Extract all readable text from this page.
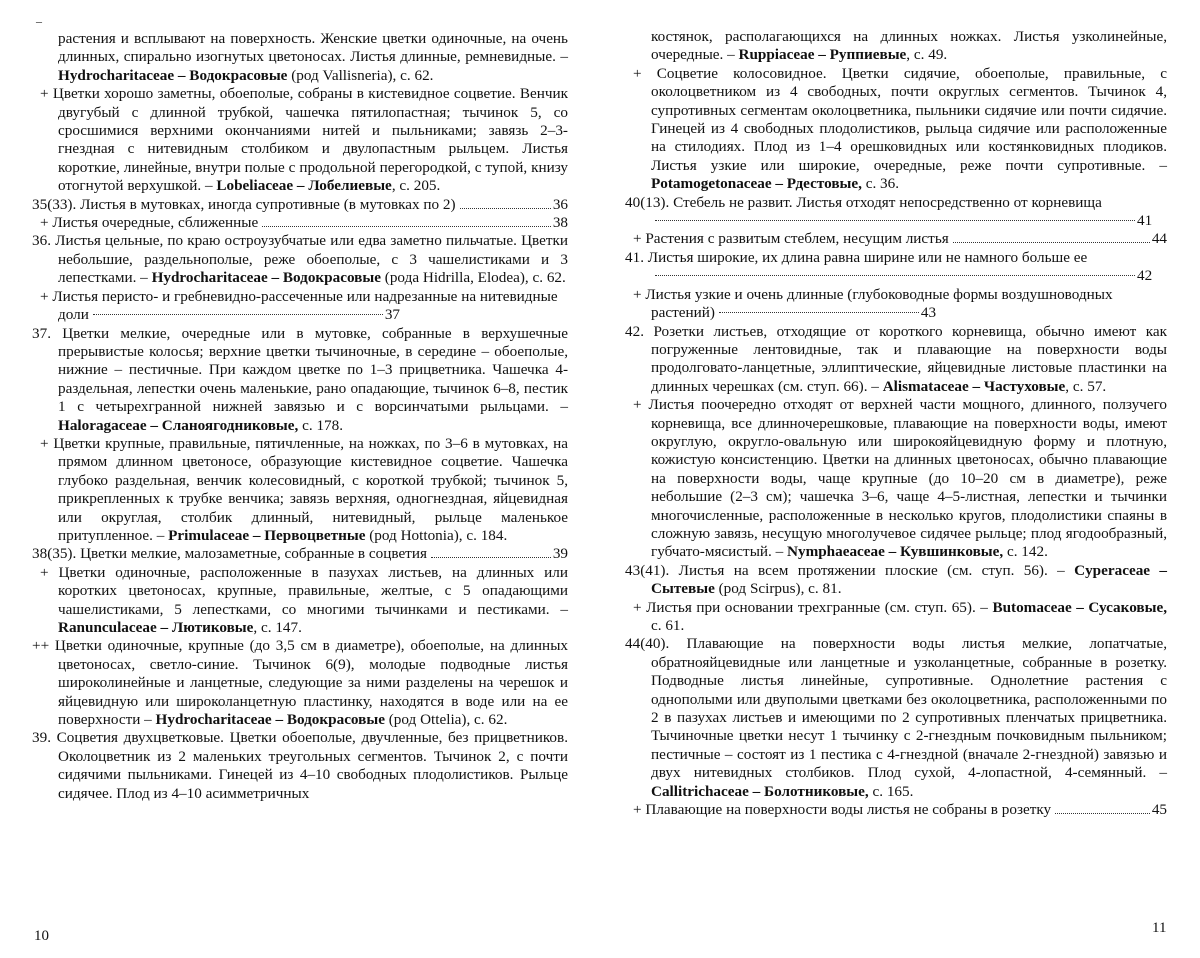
–

растения и всплывают на поверхность. Женские цветки одиночные, на очень длинных, спирально изогнутых цветоносах. Листья длинные, ремневидные. – Hydrocharitaceae – Водокрасовые (род Vallisneria), с. 62.

+ Цветки хорошо заметны, обоеполые, собраны в кистевидное соцветие. Венчик двугубый с длинной трубкой, чашечка пятилопастная; тычинок 5, со сросшимися верхними окончаниями нитей и пыльниками; завязь 2–3-гнездная с нитевидным столбиком и двулопастным рыльцем. Листья короткие, линейные, внутри полые с продольной перегородкой, с тупой, книзу отогнутой верхушкой. – Lobeliaceae – Лобелиевые, с. 205.

35(33). Листья в мутовках, иногда супротивные (в мутовках по 2)	36
+ Листья очередные, сближенные	38

36. Листья цельные, по краю остроузубчатые или едва заметно пильчатые. Цветки небольшие, раздельнополые, реже обоеполые, с 3 чашелистиками и 3 лепестками. – Hydrocharitaceae – Водокрасовые (рода Hidrilla, Elodea), с. 62.

+ Листья перисто- и гребневидно-рассеченные или надрезанные на нитевидные доли	37

37. Цветки мелкие, очередные или в мутовке, собранные в верхушечные прерывистые колосья; верхние цветки тычиночные, в середине – обоеполые, нижние – пестичные. При каждом цветке по 1–3 прицветника. Чашечка 4-раздельная, лепестки очень маленькие, рано опадающие, тычинок 6–8, пестик 1 с четырехгранной нижней завязью и с ворсинчатыми рыльцами. – Haloragaceae – Сланоягодниковые, с. 178.

+ Цветки крупные, правильные, пятичленные, на ножках, по 3–6 в мутовках, на прямом длинном цветоносе, образующие кистевидное соцветие. Чашечка глубоко раздельная, венчик колесовидный, с короткой трубкой; тычинок 5, прикрепленных к трубке венчика; завязь верхняя, одногнездная, яйцевидная или округлая, столбик длинный, нитевидный, рыльце маленькое притупленное. – Primulaceae – Первоцветные (род Hottonia), с. 184.

38(35). Цветки мелкие, малозаметные, собранные в соцветия	39

+ Цветки одиночные, расположенные в пазухах листьев, на длинных или коротких цветоносах, крупные, правильные, желтые, с 5 опадающими чашелистиками, 5 лепестками, со многими тычинками и пестиками. – Ranunculaceae – Лютиковые, с. 147.

++ Цветки одиночные, крупные (до 3,5 см в диаметре), обоеполые, на длинных цветоносах, светло-синие. Тычинок 6(9), молодые подводные листья широколинейные и ланцетные, следующие за ними разделены на черешок и яйцевидную или широколанцетную пластинку, находятся в воде или на ее поверхности – Hydrocharitaceae – Водокрасовые (род Ottelia), с. 62.

39. Соцветия двухцветковые. Цветки обоеполые, двучленные, без прицветников. Околоцветник из 2 маленьких треугольных сегментов. Тычинок 2, с почти сидячими пыльниками. Гинецей из 4–10 свободных плодолистиков. Рыльце сидячее. Плод из 4–10 асимметричных

10

костянок, располагающихся на длинных ножках. Листья узколинейные, очередные. – Ruppiaceae – Руппиевые, с. 49.

+ Соцветие колосовидное. Цветки сидячие, обоеполые, правильные, с околоцветником из 4 свободных, почти округлых сегментов. Тычинок 4, супротивных сегментам околоцветника, пыльники сидячие или почти сидячие. Гинецей из 4 свободных плодолистиков, рыльца сидячие или расположенные на стилодиях. Плод из 1–4 орешковидных или костянковидных плодиков. Листья узкие или широкие, очередные, реже почти супротивные. – Potamogetonaceae – Рдестовые, с. 36.

40(13). Стебель не развит. Листья отходят непосредственно от корневища41

+ Растения с развитым стеблем, несущим листья	44

41. Листья широкие, их длина равна ширине или не намного больше ее42

+ Листья узкие и очень длинные (глубоководные формы воздушноводных растений)	43

42. Розетки листьев, отходящие от короткого корневища, обычно имеют как погруженные лентовидные, так и плавающие на поверхности воды продолговато-ланцетные, эллиптические, яйцевидные листовые пластинки на длинных черешках (см. ступ. 66). – Alismataceae – Частуховые, с. 57.

+ Листья поочередно отходят от верхней части мощного, длинного, ползучего корневища, все длинночерешковые, плавающие на поверхности воды, имеют округлую, округло-овальную или широкояйцевидную форму и плотную, кожистую консистенцию. Цветки на длинных цветоносах, обычно плавающие на поверхности воды, чаще крупные (до 10–20 см в диаметре), реже небольшие (2–3 см); чашечка 3–6, чаще 4–5-листная, лепестки и тычинки многочисленные, расположенные в несколько кругов, плодолистики спаяны в сложную завязь, несущую многолучевое сидячее рыльце; плод ягодообразный, губчато-мясистый. – Nymphaeaceae – Кувшинковые, с. 142.

43(41). Листья на всем протяжении плоские (см. ступ. 56). – Cyperaceae – Сытевые (род Scirpus), с. 81.

+ Листья при основании трехгранные (см. ступ. 65). – Butomaceae – Сусаковые, с. 61.

44(40). Плавающие на поверхности воды листья мелкие, лопатчатые, обратнояйцевидные или ланцетные и узколанцетные, собранные в розетку. Подводные листья линейные, супротивные. Однолетние растения с однополыми или двуполыми цветками без околоцветника, расположенными по 2 в пазухах листьев и имеющими по 2 супротивных пленчатых прицветника. Тычиночные цветки несут 1 тычинку с 2-гнездным почковидным пыльником; пестичные – состоят из 1 пестика с 4-гнездной (вначале 2-гнездной) завязью и двух нитевидных столбиков. Плод сухой, 4-лопастной, 4-семянный. – Callitrichaceae – Болотниковые, с. 165.

+ Плавающие на поверхности воды листья не собраны в розетку	45
11
